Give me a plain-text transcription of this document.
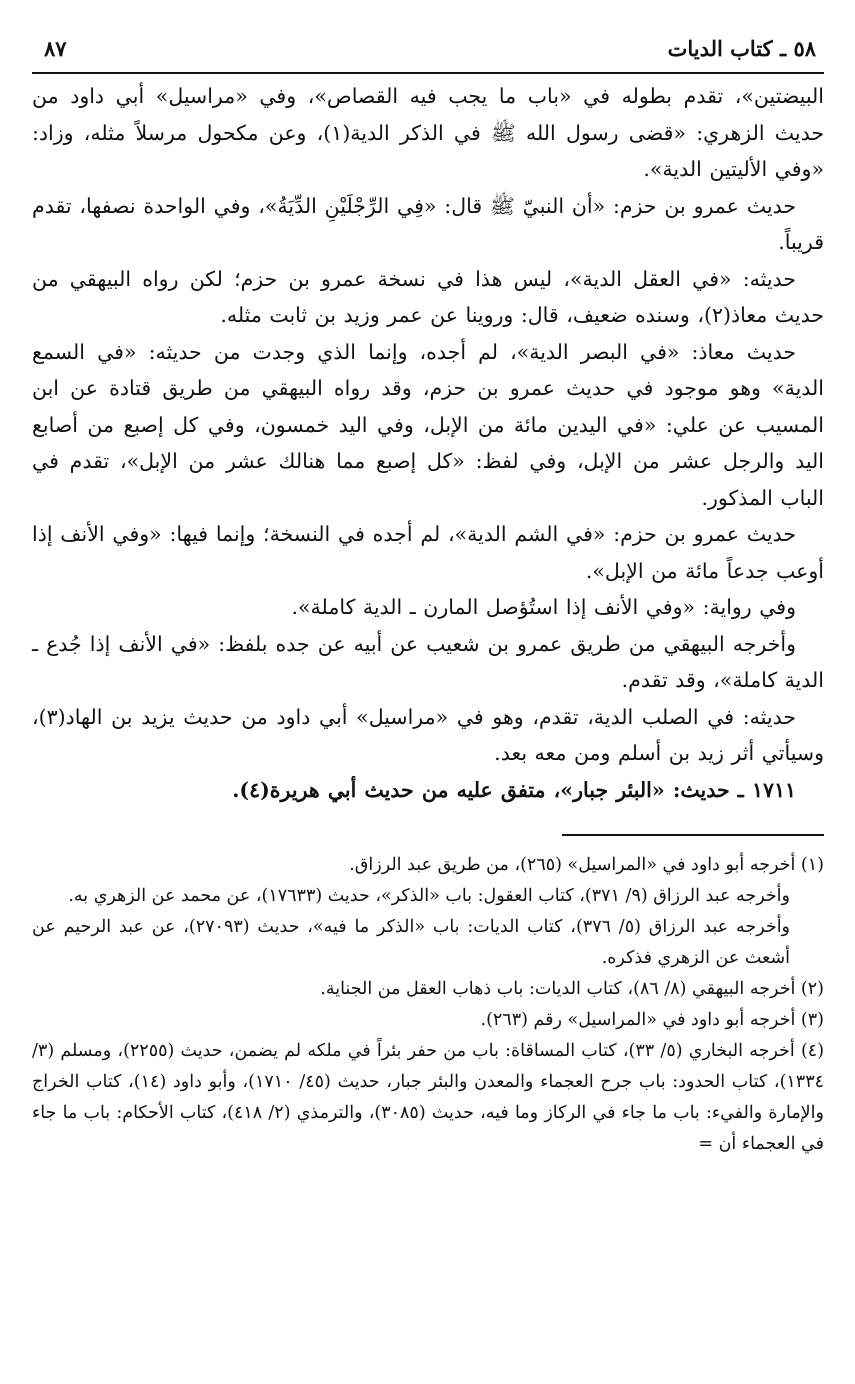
٥٨ ـ كتاب الديات
٨٧

البيضتين»، تقدم بطوله في «باب ما يجب فيه القصاص»، وفي «مراسيل» أبي داود من حديث الزهري: «قضى رسول الله ﷺ في الذكر الدية(١)، وعن مكحول مرسلاً مثله، وزاد: «وفي الأليتين الدية».

حديث عمرو بن حزم: «أن النبيّ ﷺ قال: «فِي الرِّجْلَيْنِ الدِّيَةُ»، وفي الواحدة نصفها، تقدم قريباً.

حديثه: «في العقل الدية»، ليس هذا في نسخة عمرو بن حزم؛ لكن رواه البيهقي من حديث معاذ(٢)، وسنده ضعيف، قال: وروينا عن عمر وزيد بن ثابت مثله.

حديث معاذ: «في البصر الدية»، لم أجده، وإنما الذي وجدت من حديثه: «في السمع الدية» وهو موجود في حديث عمرو بن حزم، وقد رواه البيهقي من طريق قتادة عن ابن المسيب عن علي: «في اليدين مائة من الإبل، وفي اليد خمسون، وفي كل إصبع من أصابع اليد والرجل عشر من الإبل، وفي لفظ: «كل إصبع مما هنالك عشر من الإبل»، تقدم في الباب المذكور.

حديث عمرو بن حزم: «في الشم الدية»، لم أجده في النسخة؛ وإنما فيها: «وفي الأنف إذا أوعب جدعاً مائة من الإبل».

وفي رواية: «وفي الأنف إذا استُؤصل المارن ـ الدية كاملة».

وأخرجه البيهقي من طريق عمرو بن شعيب عن أبيه عن جده بلفظ: «في الأنف إذا جُدع ـ الدية كاملة»، وقد تقدم.

حديثه: في الصلب الدية، تقدم، وهو في «مراسيل» أبي داود من حديث يزيد بن الهاد(٣)، وسيأتي أثر زيد بن أسلم ومن معه بعد.

١٧١١ ـ حديث: «البئر جبار»، متفق عليه من حديث أبي هريرة(٤).

(١) أخرجه أبو داود في «المراسيل» (٢٦٥)، من طريق عبد الرزاق.

وأخرجه عبد الرزاق (٩/ ٣٧١)، كتاب العقول: باب «الذكر»، حديث (١٧٦٣٣)، عن محمد عن الزهري به.

وأخرجه عبد الرزاق (٥/ ٣٧٦)، كتاب الديات: باب «الذكر ما فيه»، حديث (٢٧٠٩٣)، عن عبد الرحيم عن أشعث عن الزهري فذكره.

(٢) أخرجه البيهقي (٨/ ٨٦)، كتاب الديات: باب ذهاب العقل من الجناية.

(٣) أخرجه أبو داود في «المراسيل» رقم (٢٦٣).

(٤) أخرجه البخاري (٥/ ٣٣)، كتاب المساقاة: باب من حفر بئراً في ملكه لم يضمن، حديث (٢٢٥٥)، ومسلم (٣/ ١٣٣٤)، كتاب الحدود: باب جرح العجماء والمعدن والبئر جبار، حديث (٤٥/ ١٧١٠)، وأبو داود (١٤)، كتاب الخراج والإمارة والفيء: باب ما جاء في الركاز وما فيه، حديث (٣٠٨٥)، والترمذي (٢/ ٤١٨)، كتاب الأحكام: باب ما جاء في العجماء أن =
